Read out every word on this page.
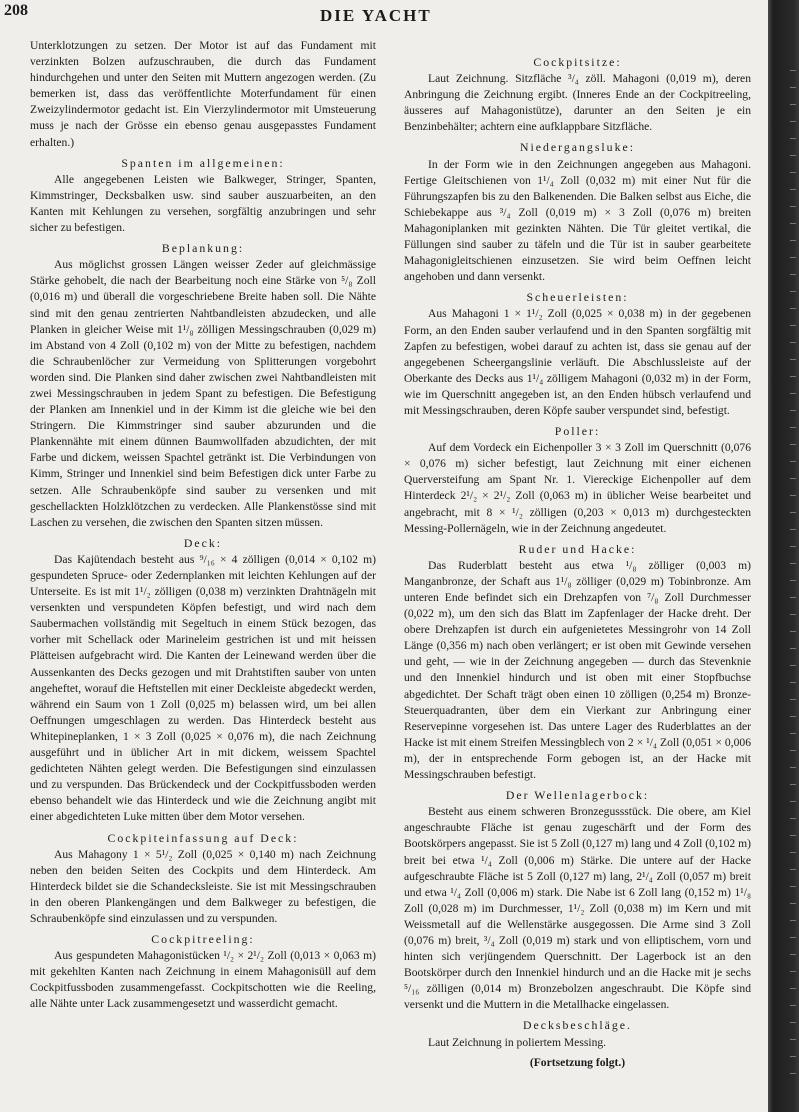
208	DIE YACHT

Unterklotzungen zu setzen. Der Motor ist auf das Fundament mit verzinkten Bolzen aufzuschrauben, die durch das Fundament hindurchgehen und unter den Seiten mit Muttern angezogen werden. (Zu bemerken ist, dass das veröffentlichte Moterfundament für einen Zweizylindermotor gedacht ist. Ein Vierzylindermotor mit Umsteuerung muss je nach der Grösse ein ebenso genau ausgepasstes Fundament erhalten.)

Spanten im allgemeinen:

Alle angegebenen Leisten wie Balkweger, Stringer, Spanten, Kimmstringer, Decksbalken usw. sind sauber auszuarbeiten, an den Kanten mit Kehlungen zu versehen, sorgfältig anzubringen und sehr sicher zu befestigen.

Beplankung:

Aus möglichst grossen Längen weisser Zeder auf gleichmässige Stärke gehobelt, die nach der Bearbeitung noch eine Stärke von ⁵/₈ Zoll (0,016 m) und überall die vorgeschriebene Breite haben soll. Die Nähte sind mit den genau zentrierten Nahtbandleisten abzudecken, und alle Planken in gleicher Weise mit 1¹/₈ zölligen Messingschrauben (0,029 m) im Abstand von 4 Zoll (0,102 m) von der Mitte zu befestigen, nachdem die Schraubenlöcher zur Vermeidung von Splitterungen vorgebohrt worden sind. Die Planken sind daher zwischen zwei Nahtbandleisten mit zwei Messingschrauben in jedem Spant zu befestigen. Die Befestigung der Planken am Innenkiel und in der Kimm ist die gleiche wie bei den Stringern. Die Kimmstringer sind sauber abzurunden und die Plankennähte mit einem dünnen Baumwollfaden abzudichten, der mit Farbe und dickem, weissen Spachtel getränkt ist. Die Verbindungen von Kimm, Stringer und Innenkiel sind beim Befestigen dick unter Farbe zu setzen. Alle Schraubenköpfe sind sauber zu versenken und mit geschellackten Holzklötzchen zu verdecken. Alle Plankenstösse sind mit Laschen zu versehen, die zwischen den Spanten sitzen müssen.

Deck:

Das Kajütendach besteht aus ⁹/₁₆ × 4 zölligen (0,014 × 0,102 m) gespundeten Spruce- oder Zedernplanken mit leichten Kehlungen auf der Unterseite. Es ist mit 1¹/₂ zölligen (0,038 m) verzinkten Drahtnägeln mit versenkten und verspundeten Köpfen befestigt, und wird nach dem Saubermachen vollständig mit Segeltuch in einem Stück bezogen, das vorher mit Schellack oder Marineleim gestrichen ist und mit heissen Plätteisen aufgebracht wird. Die Kanten der Leinewand werden über die Aussenkanten des Decks gezogen und mit Drahtstiften sauber von unten angeheftet, worauf die Heftstellen mit einer Deckleiste abgedeckt werden, während ein Saum von 1 Zoll (0,025 m) belassen wird, um bei allen Oeffnungen umgeschlagen zu werden. Das Hinterdeck besteht aus Whitepineplanken, 1 × 3 Zoll (0,025 × 0,076 m), die nach Zeichnung ausgeführt und in üblicher Art in mit dickem, weissem Spachtel gedichteten Nähten gelegt werden. Die Befestigungen sind einzulassen und zu verspunden. Das Brückendeck und der Cockpitfussboden werden ebenso behandelt wie das Hinterdeck und wie die Zeichnung angibt mit einer abgedichteten Luke mitten über dem Motor versehen.

Cockpiteinfassung auf Deck:

Aus Mahagony 1 × 5¹/₂ Zoll (0,025 × 0,140 m) nach Zeichnung neben den beiden Seiten des Cockpits und dem Hinterdeck. Am Hinterdeck bildet sie die Schandecksleiste. Sie ist mit Messingschrauben in den oberen Plankengängen und dem Balkweger zu befestigen, die Schraubenköpfe sind einzulassen und zu verspunden.

Cockpitreeling:

Aus gespundeten Mahagonistücken ¹/₂ × 2¹/₂ Zoll (0,013 × 0,063 m) mit gekehlten Kanten nach Zeichnung in einem Mahagonisüll auf dem Cockpitfussboden zusammengefasst. Cockpitschotten wie die Reeling, alle Nähte unter Lack zusammengesetzt und wasserdicht gemacht.

Cockpitsitze:

Laut Zeichnung. Sitzfläche ³/₄ zöll. Mahagoni (0,019 m), deren Anbringung die Zeichnung ergibt. (Inneres Ende an der Cockpitreeling, äusseres auf Mahagonistütze), darunter an den Seiten je ein Benzinbehälter; achtern eine aufklappbare Sitzfläche.

Niedergangsluke:

In der Form wie in den Zeichnungen angegeben aus Mahagoni. Fertige Gleitschienen von 1¹/₄ Zoll (0,032 m) mit einer Nut für die Führungszapfen bis zu den Balkenenden. Die Balken selbst aus Eiche, die Schiebekappe aus ³/₄ Zoll (0,019 m) × 3 Zoll (0,076 m) breiten Mahagoniplanken mit gezinkten Nähten. Die Tür gleitet vertikal, die Füllungen sind sauber zu täfeln und die Tür ist in sauber gearbeitete Mahagonigleitschienen einzusetzen. Sie wird beim Oeffnen leicht angehoben und dann versenkt.

Scheuerleisten:

Aus Mahagoni 1 × 1¹/₂ Zoll (0,025 × 0,038 m) in der gegebenen Form, an den Enden sauber verlaufend und in den Spanten sorgfältig mit Zapfen zu befestigen, wobei darauf zu achten ist, dass sie genau auf der angegebenen Scheergangslinie verläuft. Die Abschlussleiste auf der Oberkante des Decks aus 1¹/₄ zölligem Mahagoni (0,032 m) in der Form, wie im Querschnitt angegeben ist, an den Enden hübsch verlaufend und mit Messingschrauben, deren Köpfe sauber verspundet sind, befestigt.

Poller:

Auf dem Vordeck ein Eichenpoller 3 × 3 Zoll im Querschnitt (0,076 × 0,076 m) sicher befestigt, laut Zeichnung mit einer eichenen Querversteifung am Spant Nr. 1. Viereckige Eichenpoller auf dem Hinterdeck 2¹/₂ × 2¹/₂ Zoll (0,063 m) in üblicher Weise bearbeitet und angebracht, mit 8 × ¹/₂ zölligen (0,203 × 0,013 m) durchgesteckten Messing-Pollernägeln, wie in der Zeichnung angedeutet.

Ruder und Hacke:

Das Ruderblatt besteht aus etwa ¹/₈ zölliger (0,003 m) Manganbronze, der Schaft aus 1¹/₈ zölliger (0,029 m) Tobinbronze. Am unteren Ende befindet sich ein Drehzapfen von ⁷/₈ Zoll Durchmesser (0,022 m), um den sich das Blatt im Zapfenlager der Hacke dreht. Der obere Drehzapfen ist durch ein aufgenietetes Messingrohr von 14 Zoll Länge (0,356 m) nach oben verlängert; er ist oben mit Gewinde versehen und geht, — wie in der Zeichnung angegeben — durch das Stevenknie und den Innenkiel hindurch und ist oben mit einer Stopfbuchse abgedichtet. Der Schaft trägt oben einen 10 zölligen (0,254 m) Bronze-Steuerquadranten, über dem ein Vierkant zur Anbringung einer Reservepinne vorgesehen ist. Das untere Lager des Ruderblattes an der Hacke ist mit einem Streifen Messingblech von 2 × ¹/₄ Zoll (0,051 × 0,006 m), der in entsprechende Form gebogen ist, an der Hacke mit Messingschrauben befestigt.

Der Wellenlagerbock:

Besteht aus einem schweren Bronzegussstück. Die obere, am Kiel angeschraubte Fläche ist genau zugeschärft und der Form des Bootskörpers angepasst. Sie ist 5 Zoll (0,127 m) lang und 4 Zoll (0,102 m) breit bei etwa ¹/₄ Zoll (0,006 m) Stärke. Die untere auf der Hacke aufgeschraubte Fläche ist 5 Zoll (0,127 m) lang, 2¹/₄ Zoll (0,057 m) breit und etwa ¹/₄ Zoll (0,006 m) stark. Die Nabe ist 6 Zoll lang (0,152 m) 1¹/₈ Zoll (0,028 m) im Durchmesser, 1¹/₂ Zoll (0,038 m) im Kern und mit Weissmetall auf die Wellenstärke ausgegossen. Die Arme sind 3 Zoll (0,076 m) breit, ³/₄ Zoll (0,019 m) stark und von elliptischem, vorn und hinten sich verjüngendem Querschnitt. Der Lagerbock ist an den Bootskörper durch den Innenkiel hindurch und an die Hacke mit je sechs ⁵/₁₆ zölligen (0,014 m) Bronzebolzen angeschraubt. Die Köpfe sind versenkt und die Muttern in die Metallhacke eingelassen.

Decksbeschläge.

Laut Zeichnung in poliertem Messing.

(Fortsetzung folgt.)
